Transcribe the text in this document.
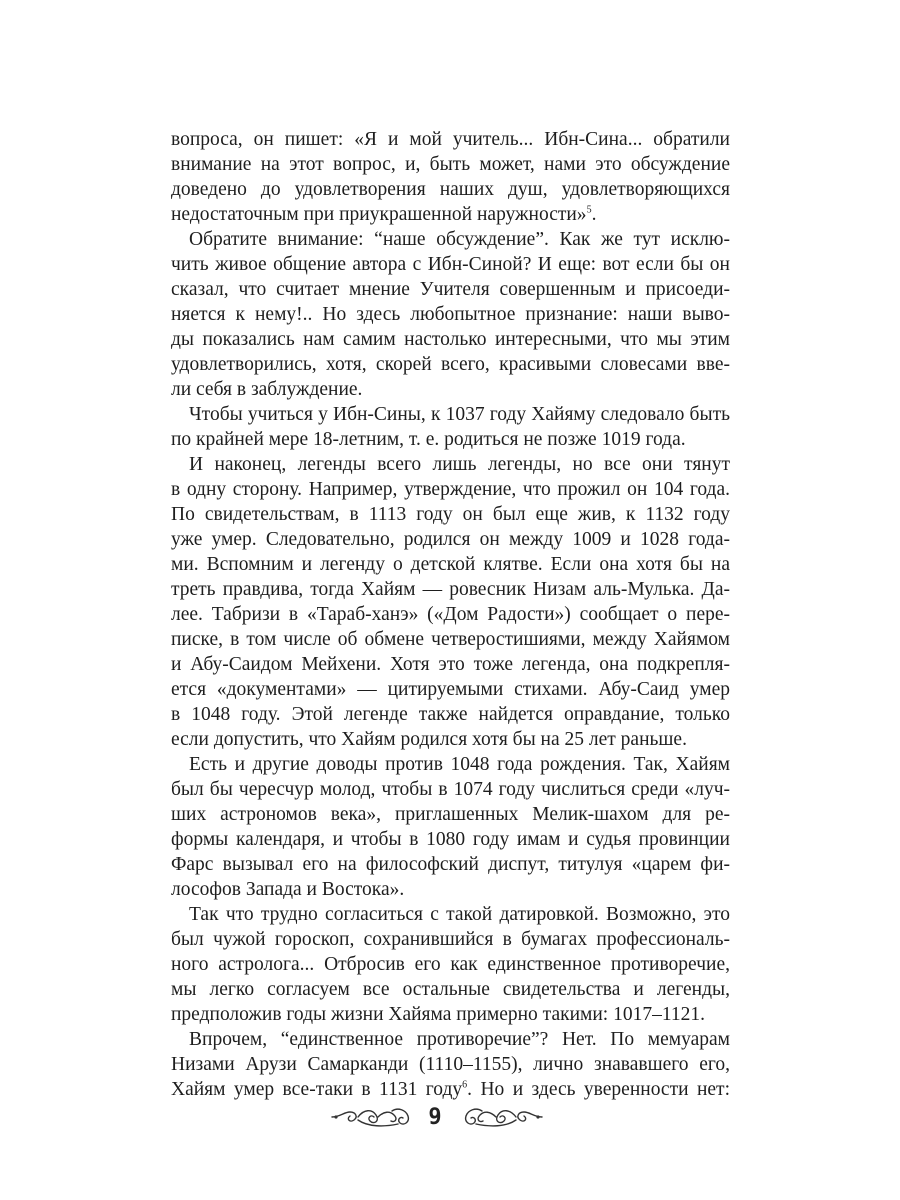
вопроса, он пишет: «Я и мой учитель... Ибн-Сина... обратили
внимание на этот вопрос, и, быть может, нами это обсуждение
доведено до удовлетворения наших душ, удовлетворяющихся
недостаточным при приукрашенной наружности»$^5$.
Обратите внимание: “наше обсуждение”. Как же тут исклю-
чить живое общение автора с Ибн-Синой? И еще: вот если бы он
сказал, что считает мнение Учителя совершенным и присоеди-
няется к нему!.. Но здесь любопытное признание: наши выво-
ды показались нам самим настолько интересными, что мы этим
удовлетворились, хотя, скорей всего, красивыми словесами вве-
ли себя в заблуждение.
Чтобы учиться у Ибн-Сины, к 1037 году Хайяму следовало быть
по крайней мере 18-летним, т. е. родиться не позже 1019 года.
И наконец, легенды всего лишь легенды, но все они тянут
в одну сторону. Например, утверждение, что прожил он 104 года.
По свидетельствам, в 1113 году он был еще жив, к 1132 году
уже умер. Следовательно, родился он между 1009 и 1028 года-
ми. Вспомним и легенду о детской клятве. Если она хотя бы на
треть правдива, тогда Хайям — ровесник Низам аль-Мулька. Да-
лее. Табризи в «Тараб-ханэ» («Дом Радости») сообщает о пере-
писке, в том числе об обмене четверостишиями, между Хайямом
и Абу-Саидом Мейхени. Хотя это тоже легенда, она подкрепля-
ется «документами» — цитируемыми стихами. Абу-Саид умер
в 1048 году. Этой легенде также найдется оправдание, только
если допустить, что Хайям родился хотя бы на 25 лет раньше.
Есть и другие доводы против 1048 года рождения. Так, Хайям
был бы чересчур молод, чтобы в 1074 году числиться среди «луч-
ших астрономов века», приглашенных Мелик-шахом для ре-
формы календаря, и чтобы в 1080 году имам и судья провинции
Фарс вызывал его на философский диспут, титулуя «царем фи-
лософов Запада и Востока».
Так что трудно согласиться с такой датировкой. Возможно, это
был чужой гороскоп, сохранившийся в бумагах профессиональ-
ного астролога... Отбросив его как единственное противоречие,
мы легко согласуем все остальные свидетельства и легенды,
предположив годы жизни Хайяма примерно такими: 1017–1121.
Впрочем, “единственное противоречие”? Нет. По мемуарам
Низами Арузи Самарканди (1110–1155), лично знававшего его,
Хайям умер все-таки в 1131 году$^6$. Но и здесь уверенности нет:
9
